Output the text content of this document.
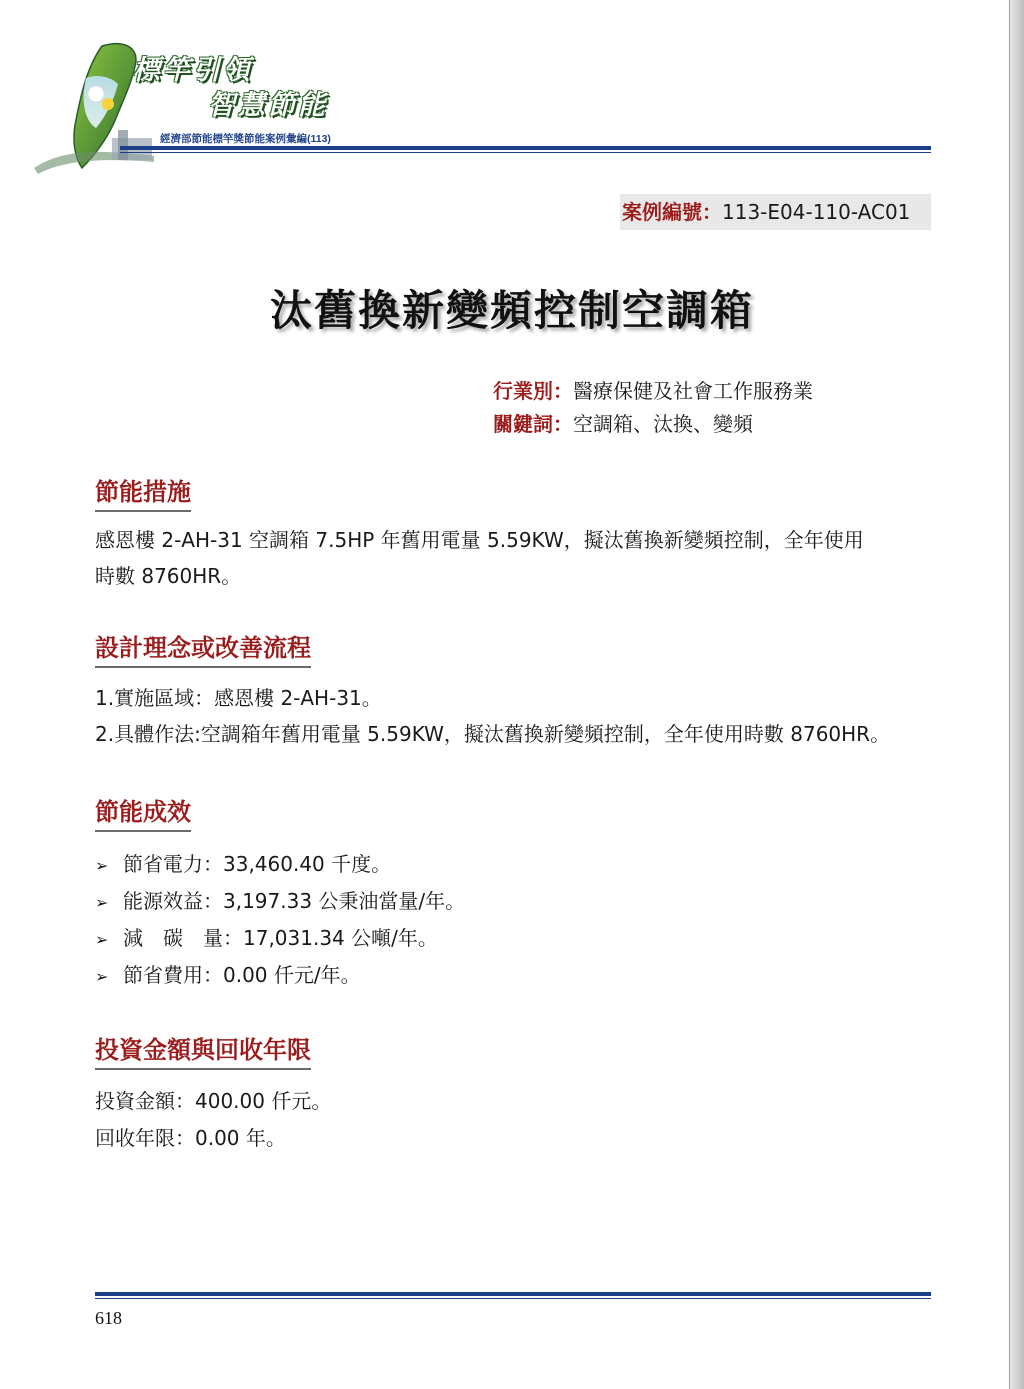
標竿引領
智慧節能
經濟部節能標竿獎節能案例彙編(113)
案例編號：113-E04-110-AC01
汰舊換新變頻控制空調箱
行業別：醫療保健及社會工作服務業
關鍵詞：空調箱、汰換、變頻
節能措施
感恩樓 2-AH-31 空調箱 7.5HP 年舊用電量 5.59KW，擬汰舊換新變頻控制，全年使用
時數 8760HR。
設計理念或改善流程
1.實施區域：感恩樓 2-AH-31。
2.具體作法:空調箱年舊用電量 5.59KW，擬汰舊換新變頻控制，全年使用時數 8760HR。
節能成效
➢ 節省電力：33,460.40 千度。
➢ 能源效益：3,197.33 公秉油當量/年。
➢ 減　碳　量：17,031.34 公噸/年。
➢ 節省費用：0.00 仟元/年。
投資金額與回收年限
投資金額：400.00 仟元。
回收年限：0.00 年。
618
